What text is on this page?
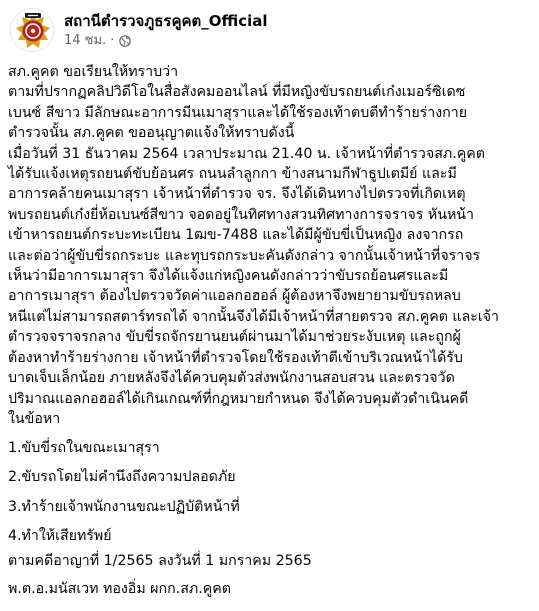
สถานีตำรวจภูธรคูคต_Official
14 ชม. ·

สภ.คูคต ขอเรียนให้ทราบว่า

ตามที่ปรากฏคลิปวิดีโอในสื่อสังคมออนไลน์ ที่มีหญิงขับรถยนต์เก๋งเมอร์ซิเดซ

เบนซ์ สีขาว มีลักษณะอาการมีนเมาสุราและได้ใช้รองเท้าตบตีทำร้ายร่างกาย

ตำรวจนั้น สภ.คูคต ขออนุญาตแจ้งให้ทราบดังนี้

เมื่อวันที่ 31 ธันวาคม 2564 เวลาประมาณ 21.40 น. เจ้าหน้าที่ตำรวจสภ.คูคต

ได้รับแจ้งเหตุรถยนต์ขับย้อนศร ถนนลำลูกกา ข้างสนามกีฬาธูปเตมีย์ และมี

อาการคล้ายคนเมาสุรา เจ้าหน้าที่ตำรวจ จร. จึงได้เดินทางไปตรวจที่เกิดเหตุ

พบรถยนต์เก๋งยี่ห้อเบนซ์สีขาว จอดอยู่ในทิศทางสวนทิศทางการจราจร หันหน้า

เข้าหารถยนต์กระบะทะเบียน 1ฒข-7488 และได้มีผู้ขับขี่เป็นหญิง ลงจากรถ

และต่อว่าผู้ขับขี่รถกระบะ และทุบรถกระบะคันดังกล่าว จากนั้นเจ้าหน้าที่จราจร

เห็นว่ามีอาการเมาสุรา จึงได้แจ้งแก่หญิงคนดังกล่าวว่าขับรถย้อนศรและมี

อาการเมาสุรา ต้องไปตรวจวัดค่าแอลกอฮอล์ ผู้ต้องหาจึงพยายามขับรถหลบ

หนีแต่ไม่สามารถสตาร์ทรถได้ จากนั้นจึงได้มีเจ้าหน้าที่สายตรวจ สภ.คูคต และเจ้า

ตำรวจจราจรกลาง ขับขี่รถจักรยานยนต์ผ่านมาได้มาช่วยระงับเหตุ และถูกผู้

ต้องหาทำร้ายร่างกาย เจ้าหน้าที่ตำรวจโดยใช้รองเท้าตีเข้าบริเวณหน้าได้รับ

บาดเจ็บเล็กน้อย ภายหลังจึงได้ควบคุมตัวส่งพนักงานสอบสวน และตรวจวัด

ปริมาณแอลกอฮอล์ได้เกินเกณฑ์ที่กฎหมายกำหนด จึงได้ควบคุมตัวดำเนินคดี

ในข้อหา

1.ขับขี่รถในขณะเมาสุรา

2.ขับรถโดยไม่คำนึงถึงความปลอดภัย

3.ทำร้ายเจ้าพนักงานขณะปฏิบัติหน้าที่

4.ทำให้เสียทรัพย์

ตามคดีอาญาที่ 1/2565 ลงวันที่ 1 มกราคม 2565

พ.ต.อ.มนัสเวท ทองอิ่ม ผกก.สภ.คูคต
